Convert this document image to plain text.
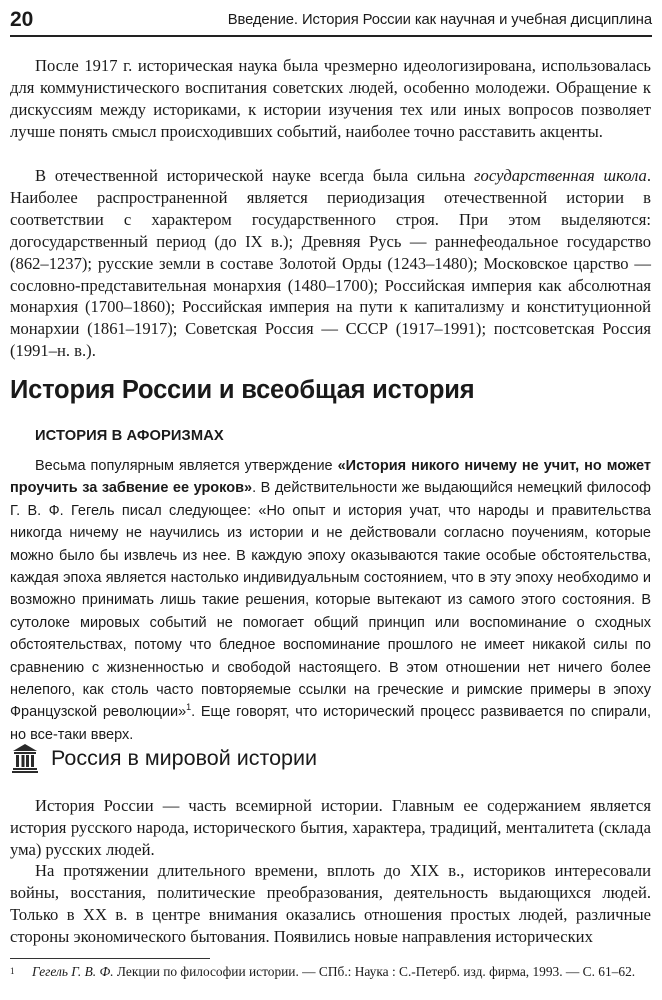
20	Введение. История России как научная и учебная дисциплина

После 1917 г. историческая наука была чрезмерно идеологизирована, использовалась для коммунистического воспитания советских людей, особенно молодежи. Обращение к дискуссиям между историками, к истории изучения тех или иных вопросов позволяет лучше понять смысл происходивших событий, наиболее точно расставить акценты.

В отечественной исторической науке всегда была сильна государственная школа. Наиболее распространенной является периодизация отечественной истории в соответствии с характером государственного строя. При этом выделяются: догосударственный период (до IX в.); Древняя Русь — раннефеодальное государство (862–1237); русские земли в составе Золотой Орды (1243–1480); Московское царство — сословно-представительная монархия (1480–1700); Российская империя как абсолютная монархия (1700–1860); Российская империя на пути к капитализму и конституционной монархии (1861–1917); Советская Россия — СССР (1917–1991); постсоветская Россия (1991–н. в.).

История России и всеобщая история
ИСТОРИЯ В АФОРИЗМАХ

Весьма популярным является утверждение «История никого ничему не учит, но может проучить за забвение ее уроков». В действительности же выдающийся немецкий философ Г. В. Ф. Гегель писал следующее: «Но опыт и история учат, что народы и правительства никогда ничему не научились из истории и не действовали согласно поучениям, которые можно было бы извлечь из нее. В каждую эпоху оказываются такие особые обстоятельства, каждая эпоха является настолько индивидуальным состоянием, что в эту эпоху необходимо и возможно принимать лишь такие решения, которые вытекают из самого этого состояния. В сутолоке мировых событий не помогает общий принцип или воспоминание о сходных обстоятельствах, потому что бледное воспоминание прошлого не имеет никакой силы по сравнению с жизненностью и свободой настоящего. В этом отношении нет ничего более нелепого, как столь часто повторяемые ссылки на греческие и римские примеры в эпоху Французской революции»$^1$. Еще говорят, что исторический процесс развивается по спирали, но все-таки вверх.

Россия в мировой истории

История России — часть всемирной истории. Главным ее содержанием является история русского народа, исторического бытия, характера, традиций, менталитета (склада ума) русских людей.

На протяжении длительного времени, вплоть до XIX в., историков интересовали войны, восстания, политические преобразования, деятельность выдающихся людей. Только в XX в. в центре внимания оказались отношения простых людей, различные стороны экономического бытования. Появились новые направления исторических

1 Гегель Г. В. Ф. Лекции по философии истории. — СПб.: Наука : С.-Петерб. изд. фирма, 1993. — С. 61–62.
